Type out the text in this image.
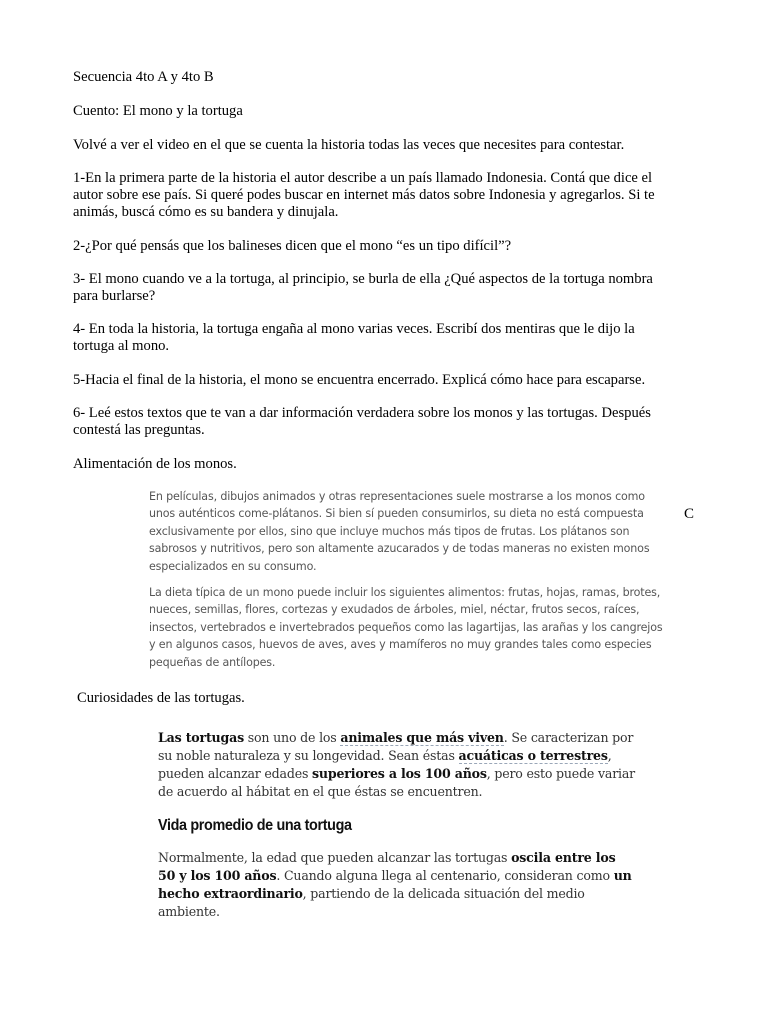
Secuencia 4to A y 4to B

Cuento: El mono y la tortuga

Volvé a ver el video en el que se cuenta la historia todas las veces que necesites para contestar.

1-En la primera parte de la historia el autor describe a un país llamado Indonesia. Contá que dice el
autor sobre ese país. Si queré podes buscar en internet más datos sobre Indonesia y agregarlos. Si te
animás, buscá cómo es su bandera y dinujala.

2-¿Por qué pensás que los balineses dicen que el mono “es un tipo difícil”?

3- El mono cuando ve a la tortuga, al principio, se burla de ella ¿Qué aspectos de la tortuga nombra
para burlarse?
4- En toda la historia, la tortuga engaña al mono varias veces. Escribí dos mentiras que le dijo la
tortuga al mono.

5-Hacia el final de la historia, el mono se encuentra encerrado. Explicá cómo hace para escaparse.

6- Leé estos textos que te van a dar información verdadera sobre los monos y las tortugas. Después
contestá las preguntas.

Alimentación de los monos.

En películas, dibujos animados y otras representaciones suele mostrarse a los monos como
unos auténticos come-plátanos. Si bien sí pueden consumirlos, su dieta no está compuesta
exclusivamente por ellos, sino que incluye muchos más tipos de frutas. Los plátanos son
sabrosos y nutritivos, pero son altamente azucarados y de todas maneras no existen monos
especializados en su consumo.
La dieta típica de un mono puede incluir los siguientes alimentos: frutas, hojas, ramas, brotes,
nueces, semillas, flores, cortezas y exudados de árboles, miel, néctar, frutos secos, raíces,
insectos, vertebrados e invertebrados pequeños como las lagartijas, las arañas y los cangrejos
y en algunos casos, huevos de aves, aves y mamíferos no muy grandes tales como especies
pequeñas de antílopes.
C

Curiosidades de las tortugas.

Las tortugas son uno de los animales que más viven. Se caracterizan por
su noble naturaleza y su longevidad. Sean éstas acuáticas o terrestres,
pueden alcanzar edades superiores a los 100 años, pero esto puede variar
de acuerdo al hábitat en el que éstas se encuentren.
Vida promedio de una tortuga
Normalmente, la edad que pueden alcanzar las tortugas oscila entre los
50 y los 100 años. Cuando alguna llega al centenario, consideran como un
hecho extraordinario, partiendo de la delicada situación del medio
ambiente.
